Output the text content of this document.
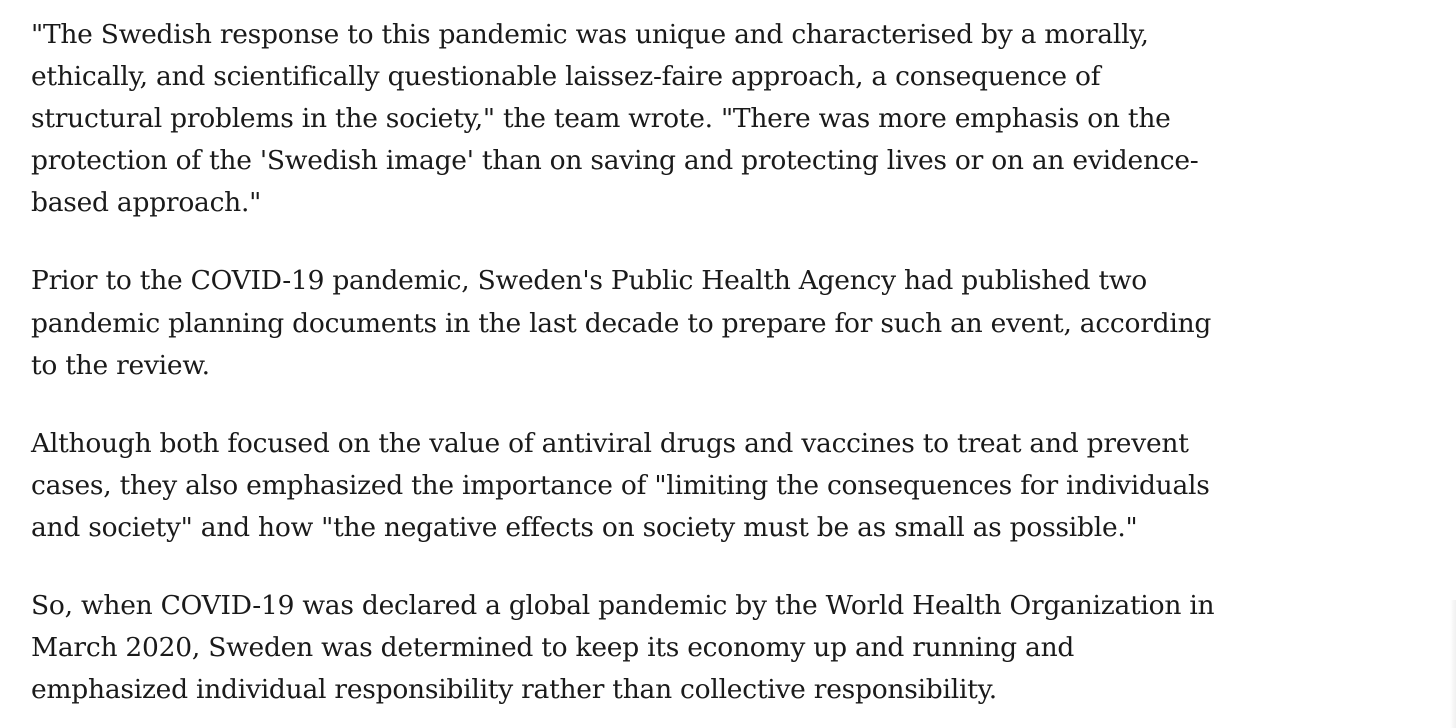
"The Swedish response to this pandemic was unique and characterised by a morally,
ethically, and scientifically questionable laissez-faire approach, a consequence of
structural problems in the society," the team wrote. "There was more emphasis on the
protection of the 'Swedish image' than on saving and protecting lives or on an evidence-
based approach."

Prior to the COVID-19 pandemic, Sweden's Public Health Agency had published two
pandemic planning documents in the last decade to prepare for such an event, according
to the review.

Although both focused on the value of antiviral drugs and vaccines to treat and prevent
cases, they also emphasized the importance of "limiting the consequences for individuals
and society" and how "the negative effects on society must be as small as possible."

So, when COVID-19 was declared a global pandemic by the World Health Organization in
March 2020, Sweden was determined to keep its economy up and running and
emphasized individual responsibility rather than collective responsibility.
